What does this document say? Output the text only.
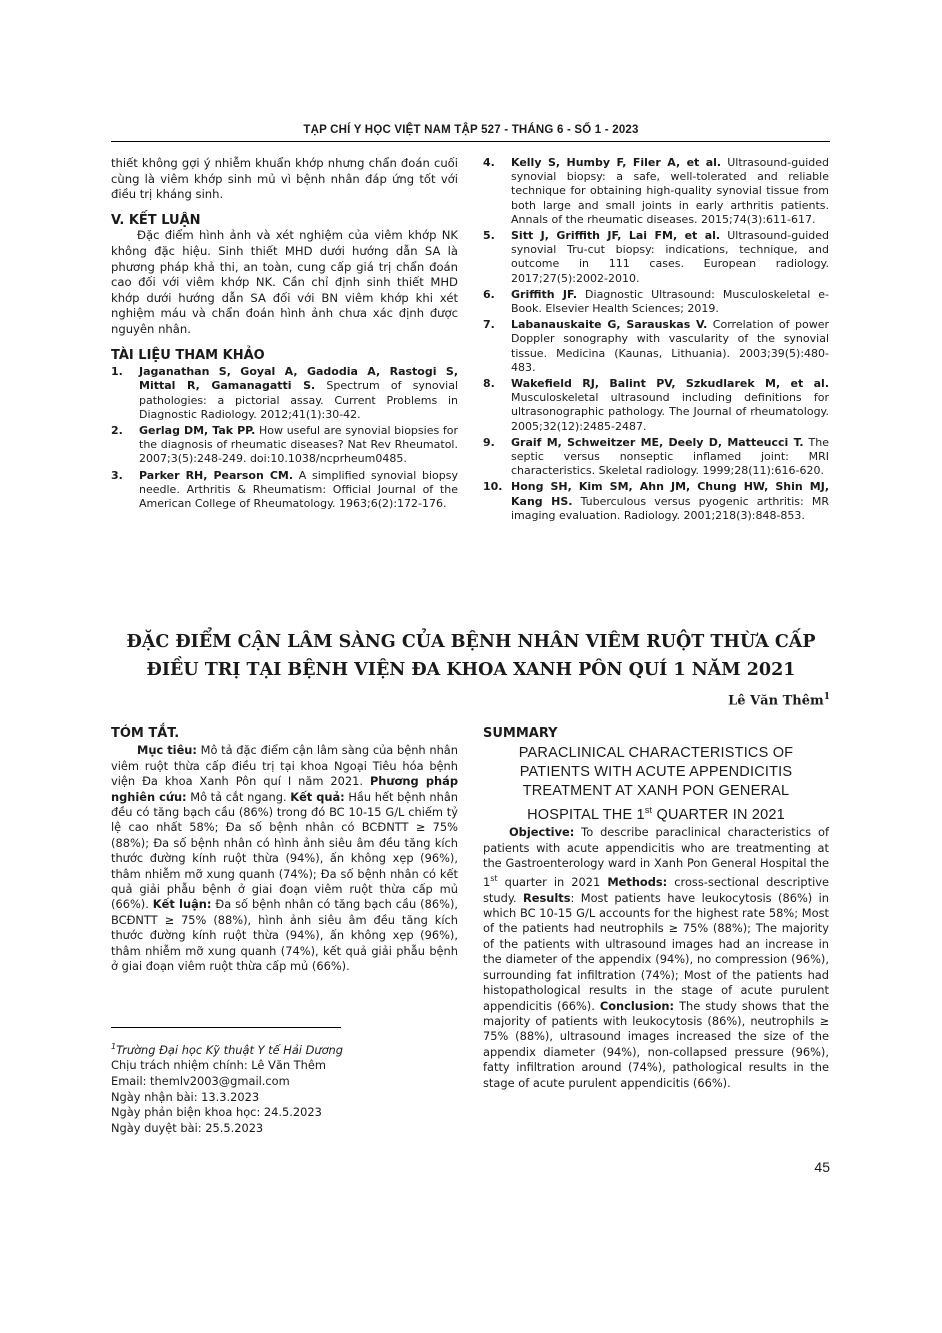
TẠP CHÍ Y HỌC VIỆT NAM TẬP 527 - THÁNG 6 - SỐ 1 - 2023

thiết không gợi ý nhiễm khuẩn khớp nhưng chẩn đoán cuối cùng là viêm khớp sinh mủ vì bệnh nhân đáp ứng tốt với điều trị kháng sinh.

V. KẾT LUẬN

Đặc điểm hình ảnh và xét nghiệm của viêm khớp NK không đặc hiệu. Sinh thiết MHD dưới hướng dẫn SA là phương pháp khả thi, an toàn, cung cấp giá trị chẩn đoán cao đối với viêm khớp NK. Cần chỉ định sinh thiết MHD khớp dưới hướng dẫn SA đối với BN viêm khớp khi xét nghiệm máu và chẩn đoán hình ảnh chưa xác định được nguyên nhân.

TÀI LIỆU THAM KHẢO
1. Jaganathan S, Goyal A, Gadodia A, Rastogi S, Mittal R, Gamanagatti S. Spectrum of synovial pathologies: a pictorial assay. Current Problems in Diagnostic Radiology. 2012;41(1):30-42.
2. Gerlag DM, Tak PP. How useful are synovial biopsies for the diagnosis of rheumatic diseases? Nat Rev Rheumatol. 2007;3(5):248-249. doi:10.1038/ncprheum0485.
3. Parker RH, Pearson CM. A simplified synovial biopsy needle. Arthritis & Rheumatism: Official Journal of the American College of Rheumatology. 1963;6(2):172-176.
4. Kelly S, Humby F, Filer A, et al. Ultrasound-guided synovial biopsy: a safe, well-tolerated and reliable technique for obtaining high-quality synovial tissue from both large and small joints in early arthritis patients. Annals of the rheumatic diseases. 2015;74(3):611-617.
5. Sitt J, Griffith JF, Lai FM, et al. Ultrasound-guided synovial Tru-cut biopsy: indications, technique, and outcome in 111 cases. European radiology. 2017;27(5):2002-2010.
6. Griffith JF. Diagnostic Ultrasound: Musculoskeletal e-Book. Elsevier Health Sciences; 2019.
7. Labanauskaite G, Sarauskas V. Correlation of power Doppler sonography with vascularity of the synovial tissue. Medicina (Kaunas, Lithuania). 2003;39(5):480-483.
8. Wakefield RJ, Balint PV, Szkudlarek M, et al. Musculoskeletal ultrasound including definitions for ultrasonographic pathology. The Journal of rheumatology. 2005;32(12):2485-2487.
9. Graif M, Schweitzer ME, Deely D, Matteucci T. The septic versus nonseptic inflamed joint: MRI characteristics. Skeletal radiology. 1999;28(11):616-620.
10. Hong SH, Kim SM, Ahn JM, Chung HW, Shin MJ, Kang HS. Tuberculous versus pyogenic arthritis: MR imaging evaluation. Radiology. 2001;218(3):848-853.
ĐẶC ĐIỂM CẬN LÂM SÀNG CỦA BỆNH NHÂN VIÊM RUỘT THỪA CẤP
ĐIỀU TRỊ TẠI BỆNH VIỆN ĐA KHOA XANH PÔN QUÍ 1 NĂM 2021
Lê Văn Thêm$^1$
TÓM TẮT.

Mục tiêu: Mô tả đặc điểm cận lâm sàng của bệnh nhân viêm ruột thừa cấp điều trị tại khoa Ngoại Tiêu hóa bệnh viện Đa khoa Xanh Pôn quí I năm 2021. Phương pháp nghiên cứu: Mô tả cắt ngang. Kết quả: Hầu hết bệnh nhân đều có tăng bạch cầu (86%) trong đó BC 10-15 G/L chiếm tỷ lệ cao nhất 58%; Đa số bệnh nhân có BCĐNTT ≥ 75% (88%); Đa số bệnh nhân có hình ảnh siêu âm đều tăng kích thước đường kính ruột thừa (94%), ấn không xẹp (96%), thâm nhiễm mỡ xung quanh (74%); Đa số bệnh nhân có kết quả giải phẫu bệnh ở giai đoạn viêm ruột thừa cấp mủ (66%). Kết luận: Đa số bệnh nhân có tăng bạch cầu (86%), BCĐNTT ≥ 75% (88%), hình ảnh siêu âm đều tăng kích thước đường kính ruột thừa (94%), ấn không xẹp (96%), thâm nhiễm mỡ xung quanh (74%), kết quả giải phẫu bệnh ở giai đoạn viêm ruột thừa cấp mủ (66%).

$^1$Trường Đại học Kỹ thuật Y tế Hải Dương
Chịu trách nhiệm chính: Lê Văn Thêm
Email: themlv2003@gmail.com
Ngày nhận bài: 13.3.2023
Ngày phản biện khoa học: 24.5.2023
Ngày duyệt bài: 25.5.2023
SUMMARY
PARACLINICAL CHARACTERISTICS OF PATIENTS WITH ACUTE APPENDICITIS TREATMENT AT XANH PON GENERAL HOSPITAL THE 1st QUARTER IN 2021

Objective: To describe paraclinical characteristics of patients with acute appendicitis who are treatmenting at the Gastroenterology ward in Xanh Pon General Hospital the 1st quarter in 2021 Methods: cross-sectional descriptive study. Results: Most patients have leukocytosis (86%) in which BC 10-15 G/L accounts for the highest rate 58%; Most of the patients had neutrophils ≥ 75% (88%); The majority of the patients with ultrasound images had an increase in the diameter of the appendix (94%), no compression (96%), surrounding fat infiltration (74%); Most of the patients had histopathological results in the stage of acute purulent appendicitis (66%). Conclusion: The study shows that the majority of patients with leukocytosis (86%), neutrophils ≥ 75% (88%), ultrasound images increased the size of the appendix diameter (94%), non-collapsed pressure (96%), fatty infiltration around (74%), pathological results in the stage of acute purulent appendicitis (66%).

45
